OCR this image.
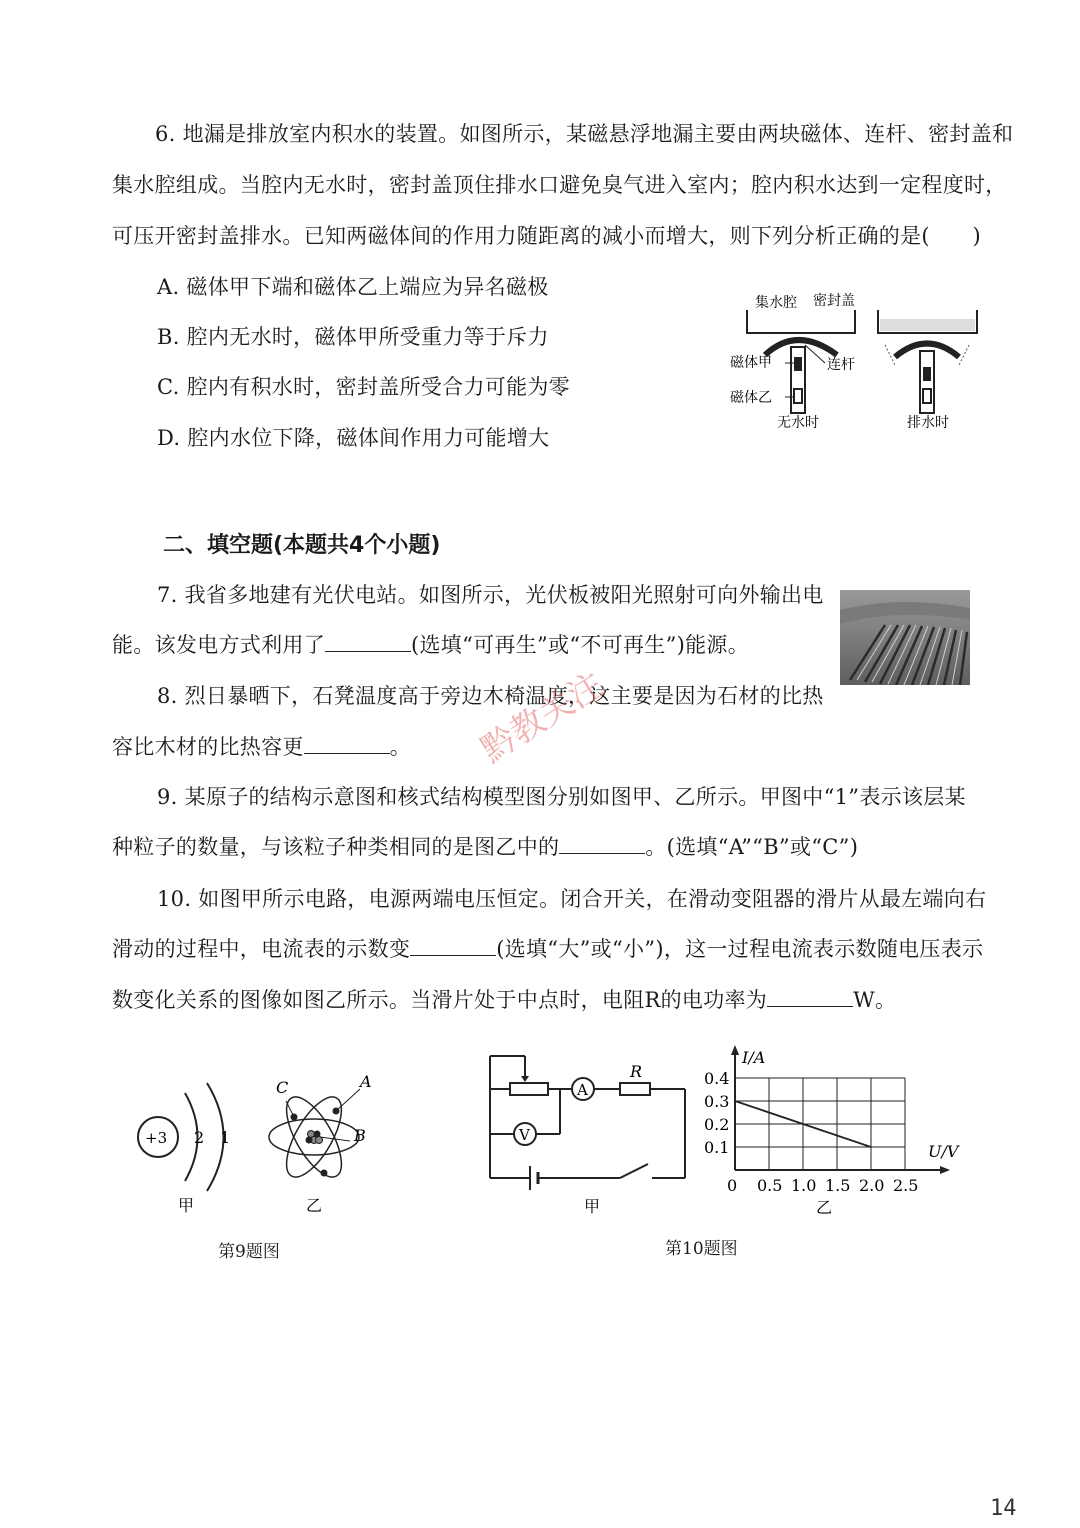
6. 地漏是排放室内积水的装置。如图所示，某磁悬浮地漏主要由两块磁体、连杆、密封盖和
集水腔组成。当腔内无水时，密封盖顶住排水口避免臭气进入室内；腔内积水达到一定程度时，
可压开密封盖排水。已知两磁体间的作用力随距离的减小而增大，则下列分析正确的是(　　)
A. 磁体甲下端和磁体乙上端应为异名磁极
B. 腔内无水时，磁体甲所受重力等于斥力
C. 腔内有积水时，密封盖所受合力可能为零
D. 腔内水位下降，磁体间作用力可能增大
集水腔 密封盖
磁体甲	连杆
磁体乙
无水时	排水时
二、填空题(本题共4个小题)
7. 我省多地建有光伏电站。如图所示，光伏板被阳光照射可向外输出电
能。该发电方式利用了	(选填“可再生”或“不可再生”)能源。
8. 烈日暴晒下，石凳温度高于旁边木椅温度，这主要是因为石材的比热
容比木材的比热容更	。
9. 某原子的结构示意图和核式结构模型图分别如图甲、乙所示。甲图中“1”表示该层某
种粒子的数量，与该粒子种类相同的是图乙中的	。(选填“A”“B”或“C”)
10. 如图甲所示电路，电源两端电压恒定。闭合开关，在滑动变阻器的滑片从最左端向右
滑动的过程中，电流表的示数变	(选填“大”或“小”)，这一过程电流表示数随电压表示
数变化关系的图像如图乙所示。当滑片处于中点时，电阻R的电功率为	W。
黔教关注
+3 2 1
甲
A
B
C
乙
第9题图
A
R
V
甲
I/A
U/V
0 0.5 1.0 1.5 2.0 2.5
0.1
0.2
0.3
0.4
乙
第10题图
14
